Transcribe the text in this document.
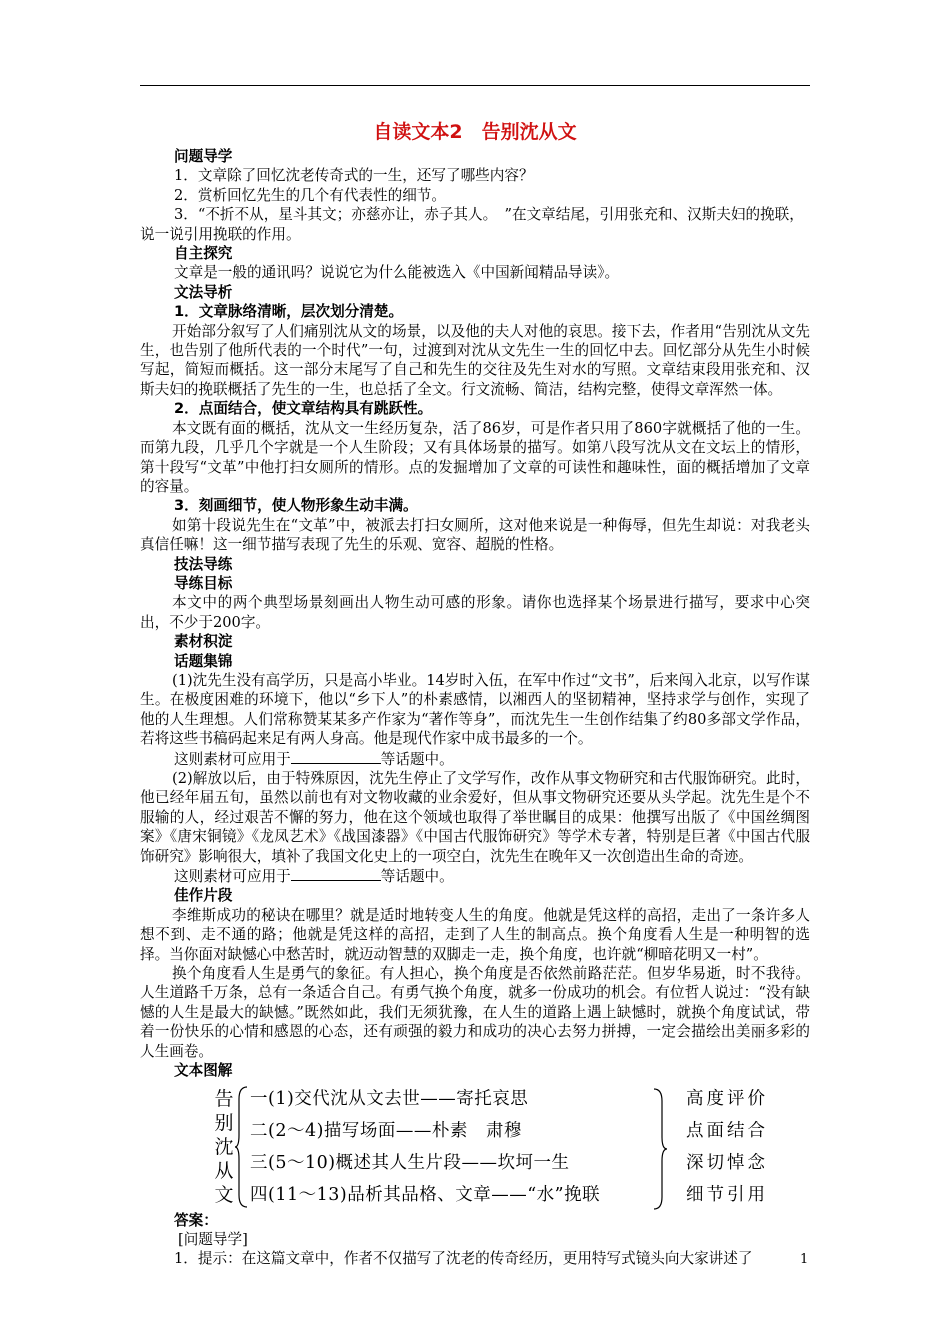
自读文本2　告别沈从文
问题导学
1．文章除了回忆沈老传奇式的一生，还写了哪些内容？
2．赏析回忆先生的几个有代表性的细节。
3．“不折不从，星斗其文；亦慈亦让，赤子其人。　”在文章结尾，引用张充和、汉斯夫妇的挽联，说一说引用挽联的作用。
自主探究
文章是一般的通讯吗？说说它为什么能被选入《中国新闻精品导读》。
文法导析
1．文章脉络清晰，层次划分清楚。
开始部分叙写了人们痛别沈从文的场景，以及他的夫人对他的哀思。接下去，作者用“告别沈从文先生，也告别了他所代表的一个时代”一句，过渡到对沈从文先生一生的回忆中去。回忆部分从先生小时候写起，简短而概括。这一部分末尾写了自己和先生的交往及先生对水的写照。文章结束段用张充和、汉斯夫妇的挽联概括了先生的一生，也总括了全文。行文流畅、简洁，结构完整，使得文章浑然一体。
2．点面结合，使文章结构具有跳跃性。
本文既有面的概括，沈从文一生经历复杂，活了86岁，可是作者只用了860字就概括了他的一生。而第九段，几乎几个字就是一个人生阶段；又有具体场景的描写。如第八段写沈从文在文坛上的情形，第十段写“文革”中他打扫女厕所的情形。点的发掘增加了文章的可读性和趣味性，面的概括增加了文章的容量。
3．刻画细节，使人物形象生动丰满。
如第十段说先生在“文革”中，被派去打扫女厕所，这对他来说是一种侮辱，但先生却说：对我老头真信任嘛！这一细节描写表现了先生的乐观、宽容、超脱的性格。
技法导练
导练目标
本文中的两个典型场景刻画出人物生动可感的形象。请你也选择某个场景进行描写，要求中心突出，不少于200字。
素材积淀
话题集锦
(1)沈先生没有高学历，只是高小毕业。14岁时入伍，在军中作过“文书”，后来闯入北京，以写作谋生。在极度困难的环境下，他以“乡下人”的朴素感情，以湘西人的坚韧精神，坚持求学与创作，实现了他的人生理想。人们常称赞某某多产作家为“著作等身”，而沈先生一生创作结集了约80多部文学作品，若将这些书稿码起来足有两人身高。他是现代作家中成书最多的一个。
这则素材可应用于	等话题中。
(2)解放以后，由于特殊原因，沈先生停止了文学写作，改作从事文物研究和古代服饰研究。此时，他已经年届五旬，虽然以前也有对文物收藏的业余爱好，但从事文物研究还要从头学起。沈先生是个不服输的人，经过艰苦不懈的努力，他在这个领域也取得了举世瞩目的成果：他撰写出版了《中国丝绸图案》《唐宋铜镜》《龙凤艺术》《战国漆器》《中国古代服饰研究》等学术专著，特别是巨著《中国古代服饰研究》影响很大，填补了我国文化史上的一项空白，沈先生在晚年又一次创造出生命的奇迹。
这则素材可应用于	等话题中。
佳作片段
李维斯成功的秘诀在哪里？就是适时地转变人生的角度。他就是凭这样的高招，走出了一条许多人想不到、走不通的路；他就是凭这样的高招，走到了人生的制高点。换个角度看人生是一种明智的选择。当你面对缺憾心中愁苦时，就迈动智慧的双脚走一走，换个角度，也许就“柳暗花明又一村”。
换个角度看人生是勇气的象征。有人担心，换个角度是否依然前路茫茫。但岁华易逝，时不我待。人生道路千万条，总有一条适合自己。有勇气换个角度，就多一份成功的机会。有位哲人说过：“没有缺憾的人生是最大的缺憾。”既然如此，我们无须犹豫，在人生的道路上遇上缺憾时，就换个角度试试，带着一份快乐的心情和感恩的心态，还有顽强的毅力和成功的决心去努力拼搏，一定会描绘出美丽多彩的人生画卷。
文本图解
告
别
沈
从
文
一(1)交代沈从文去世——寄托哀思
二(2～4)描写场面——朴素　肃穆
三(5～10)概述其人生片段——坎坷一生
四(11～13)品析其品格、文章——“水”挽联
高度评价
点面结合
深切悼念
细节引用
答案：
[问题导学]
1．提示：在这篇文章中，作者不仅描写了沈老的传奇经历，更用特写式镜头向大家讲述了	1
